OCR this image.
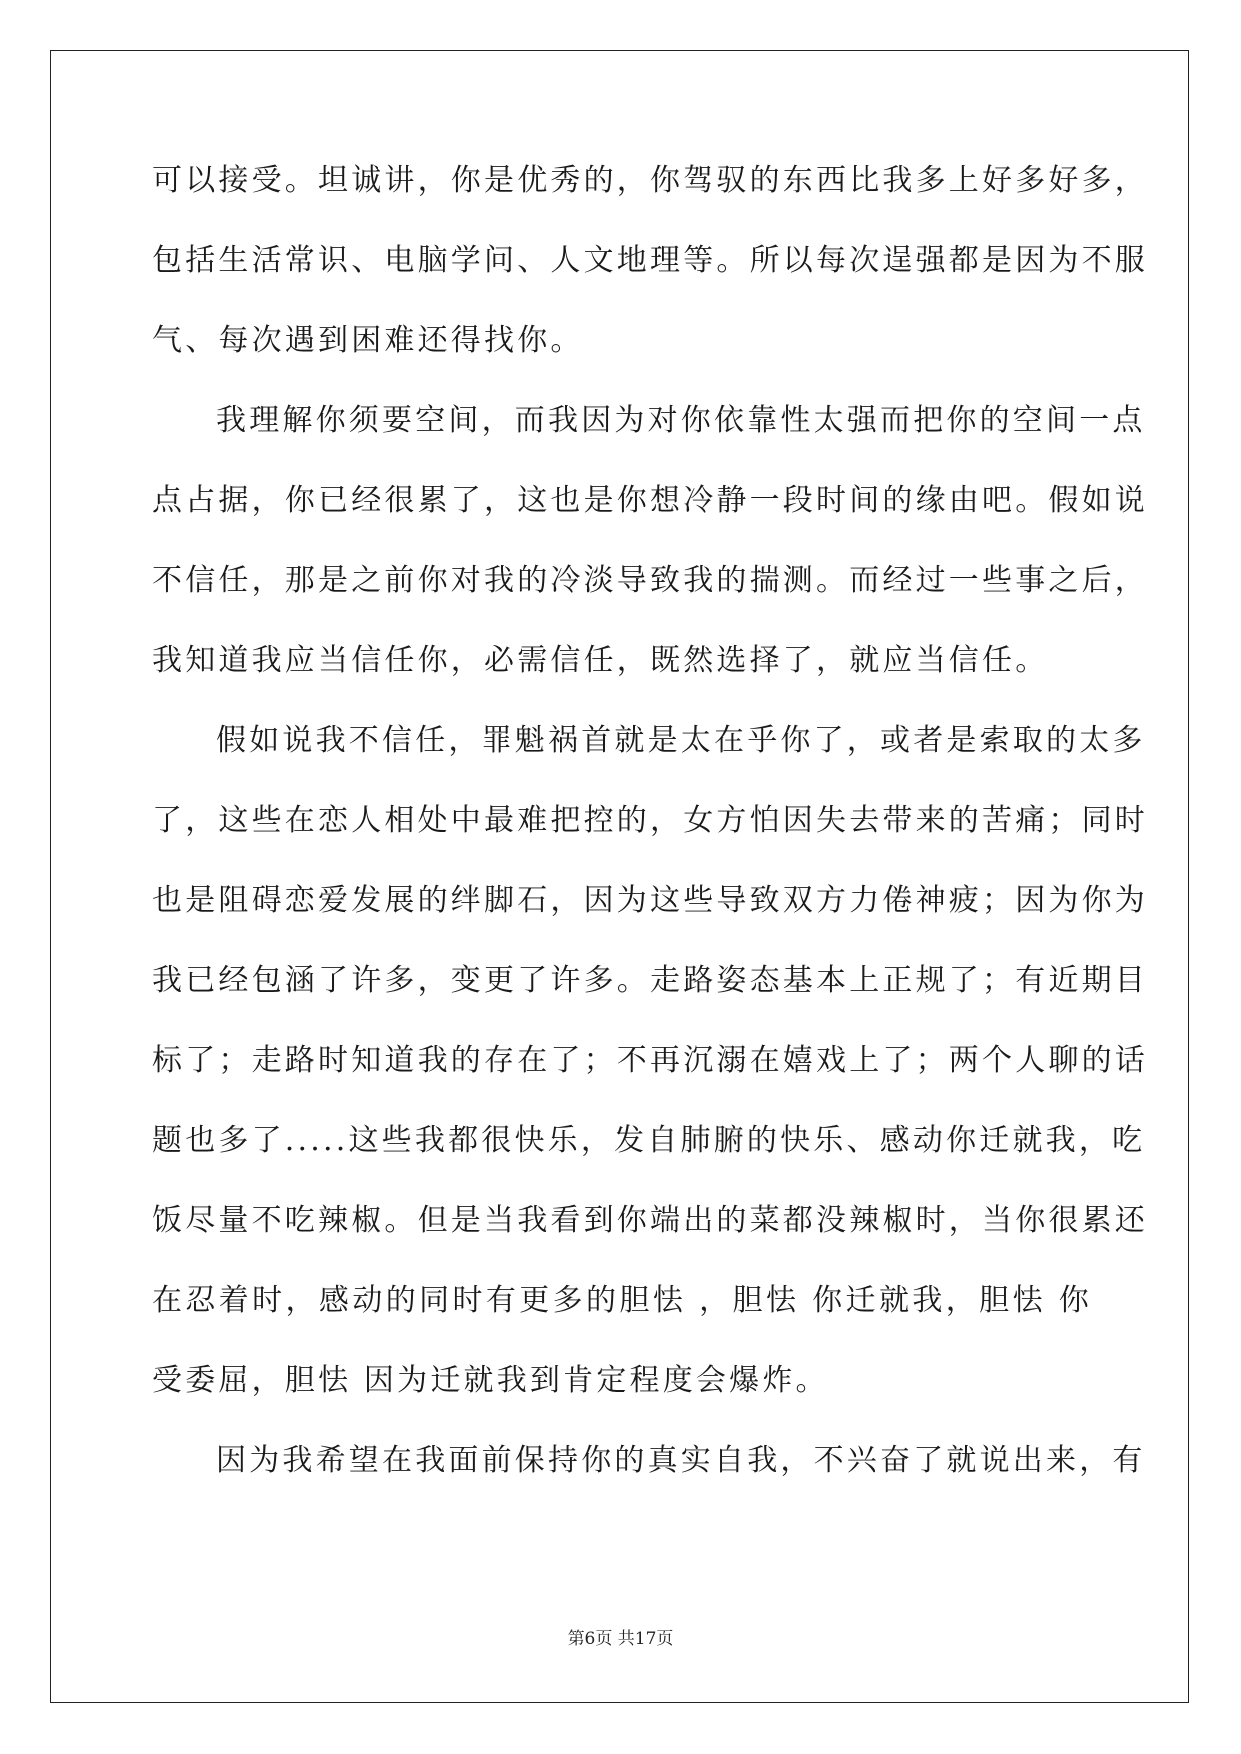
可以接受。坦诚讲，你是优秀的，你驾驭的东西比我多上好多好多，
包括生活常识、电脑学问、人文地理等。所以每次逞强都是因为不服
气、每次遇到困难还得找你。
我理解你须要空间，而我因为对你依靠性太强而把你的空间一点
点占据，你已经很累了，这也是你想冷静一段时间的缘由吧。假如说
不信任，那是之前你对我的冷淡导致我的揣测。而经过一些事之后，
我知道我应当信任你，必需信任，既然选择了，就应当信任。
假如说我不信任，罪魁祸首就是太在乎你了，或者是索取的太多
了，这些在恋人相处中最难把控的，女方怕因失去带来的苦痛；同时
也是阻碍恋爱发展的绊脚石，因为这些导致双方力倦神疲；因为你为
我已经包涵了许多，变更了许多。走路姿态基本上正规了；有近期目
标了；走路时知道我的存在了；不再沉溺在嬉戏上了；两个人聊的话
题也多了.....这些我都很快乐，发自肺腑的快乐、感动你迁就我，吃
饭尽量不吃辣椒。但是当我看到你端出的菜都没辣椒时，当你很累还
在忍着时，感动的同时有更多的胆怯 ，胆怯 你迁就我，胆怯 你
受委屈，胆怯 因为迁就我到肯定程度会爆炸。
因为我希望在我面前保持你的真实自我，不兴奋了就说出来，有
第6页 共17页
